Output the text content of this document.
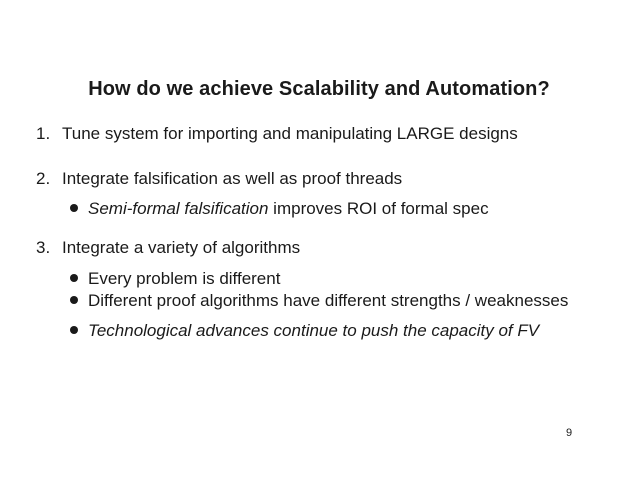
How do we achieve Scalability and Automation?
1. Tune system for importing and manipulating LARGE designs
2. Integrate falsification as well as proof threads
Semi-formal falsification improves ROI of formal spec
3. Integrate a variety of algorithms
Every problem is different
Different proof algorithms have different strengths / weaknesses
Technological advances continue to push the capacity of FV
9
